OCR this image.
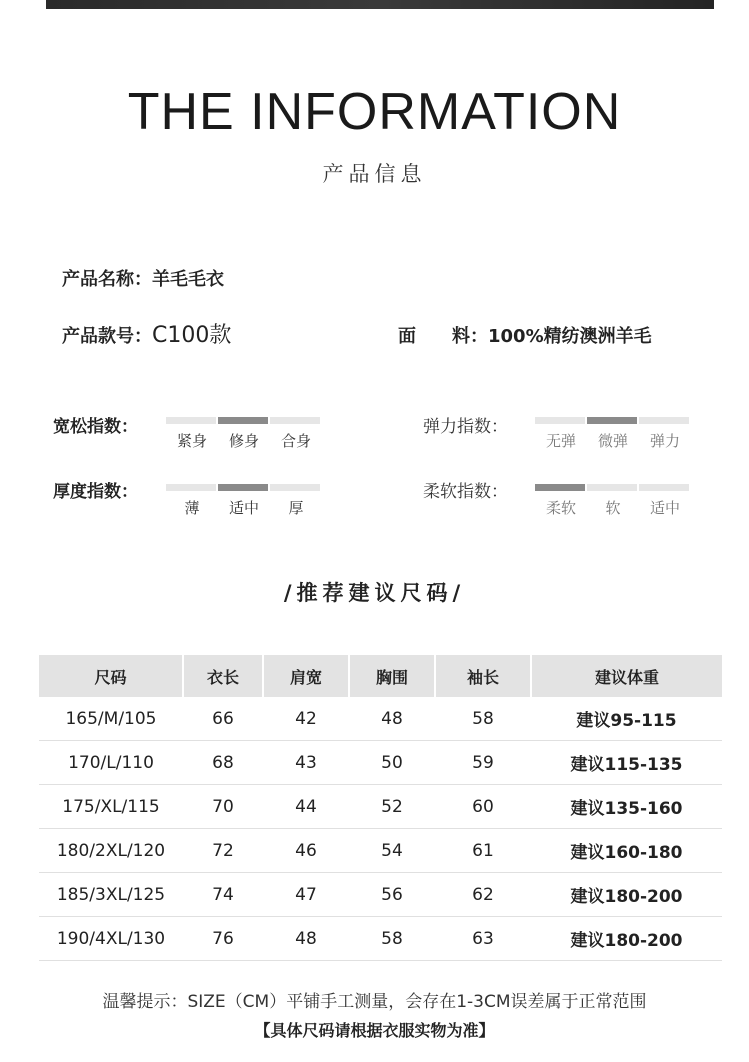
THE INFORMATION
产品信息
产品名称：羊毛毛衣
产品款号：C100款	面 料：100%精纺澳洲羊毛
宽松指数：
紧身	修身	合身
弹力指数：
无弹	微弹	弹力
厚度指数：
薄	适中	厚
柔软指数：
柔软	软	适中
/推荐建议尺码/
尺码	衣长	肩宽	胸围	袖长	建议体重
165/M/105	66	42	48	58	建议95-115
170/L/110	68	43	50	59	建议115-135
175/XL/115	70	44	52	60	建议135-160
180/2XL/120	72	46	54	61	建议160-180
185/3XL/125	74	47	56	62	建议180-200
190/4XL/130	76	48	58	63	建议180-200
温馨提示：SIZE（CM）平铺手工测量，会存在1-3CM误差属于正常范围
【具体尺码请根据衣服实物为准】
